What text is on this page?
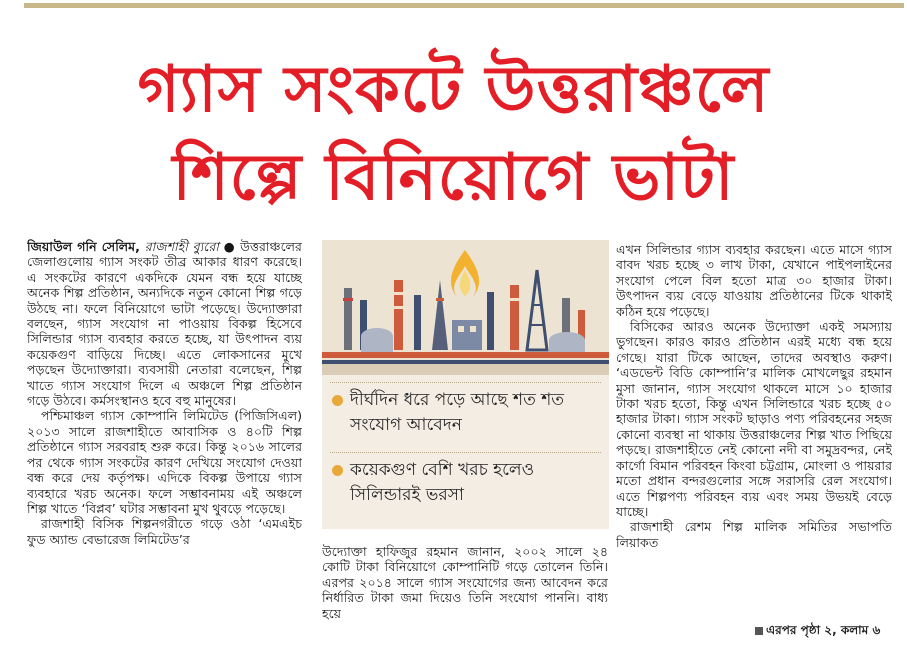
গ্যাস সংকটে উত্তরাঞ্চলে
শিল্পে বিনিয়োগে ভাটা

জিয়াউল গনি সেলিম, রাজশাহী ব্যুরো ● উত্তরাঞ্চলের জেলাগুলোয় গ্যাস সংকট তীব্র আকার ধারণ করেছে। এ সংকটের কারণে একদিকে যেমন বন্ধ হয়ে যাচ্ছে অনেক শিল্প প্রতিষ্ঠান, অন্যদিকে নতুন কোনো শিল্প গড়ে উঠছে না। ফলে বিনিয়োগে ভাটা পড়েছে। উদ্যোক্তারা বলছেন, গ্যাস সংযোগ না পাওয়ায় বিকল্প হিসেবে সিলিন্ডার গ্যাস ব্যবহার করতে হচ্ছে, যা উৎপাদন ব্যয় কয়েকগুণ বাড়িয়ে দিচ্ছে। এতে লোকসানের মুখে পড়ছেন উদ্যোক্তারা। ব্যবসায়ী নেতারা বলেছেন, শিল্প খাতে গ্যাস সংযোগ দিলে এ অঞ্চলে শিল্প প্রতিষ্ঠান গড়ে উঠবে। কর্মসংস্থানও হবে বহু মানুষের।

পশ্চিমাঞ্চল গ্যাস কোম্পানি লিমিটেড (পিজিসিএল) ২০১৩ সালে রাজশাহীতে আবাসিক ও ৪০টি শিল্প প্রতিষ্ঠানে গ্যাস সরবরাহ শুরু করে। কিন্তু ২০১৬ সালের পর থেকে গ্যাস সংকটের কারণ দেখিয়ে সংযোগ দেওয়া বন্ধ করে দেয় কর্তৃপক্ষ। এদিকে বিকল্প উপায়ে গ্যাস ব্যবহারে খরচ অনেক। ফলে সম্ভাবনাময় এই অঞ্চলে শিল্প খাতে ‘বিপ্লব’ ঘটার সম্ভাবনা মুখ থুবড়ে পড়েছে।

রাজশাহী বিসিক শিল্পনগরীতে গড়ে ওঠা ‘এমএইচ ফুড অ্যান্ড বেভারেজ লিমিটেড’র

দীর্ঘদিন ধরে পড়ে আছে শত শত সংযোগ আবেদন
কয়েকগুণ বেশি খরচ হলেও সিলিন্ডারই ভরসা

উদ্যোক্তা হাফিজুর রহমান জানান, ২০০২ সালে ২৪ কোটি টাকা বিনিয়োগে কোম্পানিটি গড়ে তোলেন তিনি। এরপর ২০১৪ সালে গ্যাস সংযোগের জন্য আবেদন করে নির্ধারিত টাকা জমা দিয়েও তিনি সংযোগ পাননি। বাধ্য হয়ে

এখন সিলিন্ডার গ্যাস ব্যবহার করছেন। এতে মাসে গ্যাস বাবদ খরচ হচ্ছে ৩ লাখ টাকা, যেখানে পাইপলাইনের সংযোগ পেলে বিল হতো মাত্র ৩০ হাজার টাকা। উৎপাদন ব্যয় বেড়ে যাওয়ায় প্রতিষ্ঠানের টিকে থাকাই কঠিন হয়ে পড়েছে।

বিসিকের আরও অনেক উদ্যোক্তা একই সমস্যায় ভুগছেন। কারও কারও প্রতিষ্ঠান এরই মধ্যে বন্ধ হয়ে গেছে। যারা টিকে আছেন, তাদের অবস্থাও করুণ। ‘এডভেন্ট বিডি কোম্পানি’র মালিক মোখলেছুর রহমান মুসা জানান, গ্যাস সংযোগ থাকলে মাসে ১০ হাজার টাকা খরচ হতো, কিন্তু এখন সিলিন্ডারে খরচ হচ্ছে ৫০ হাজার টাকা। গ্যাস সংকট ছাড়াও পণ্য পরিবহনের সহজ কোনো ব্যবস্থা না থাকায় উত্তরাঞ্চলের শিল্প খাত পিছিয়ে পড়ছে। রাজশাহীতে নেই কোনো নদী বা সমুদ্রবন্দর, নেই কার্গো বিমান পরিবহন কিংবা চট্টগ্রাম, মোংলা ও পায়রার মতো প্রধান বন্দরগুলোর সঙ্গে সরাসরি রেল সংযোগ। এতে শিল্পপণ্য পরিবহন ব্যয় এবং সময় উভয়ই বেড়ে যাচ্ছে।

রাজশাহী রেশম শিল্প মালিক সমিতির সভাপতি লিয়াকত

এরপর পৃষ্ঠা ২, কলাম ৬
